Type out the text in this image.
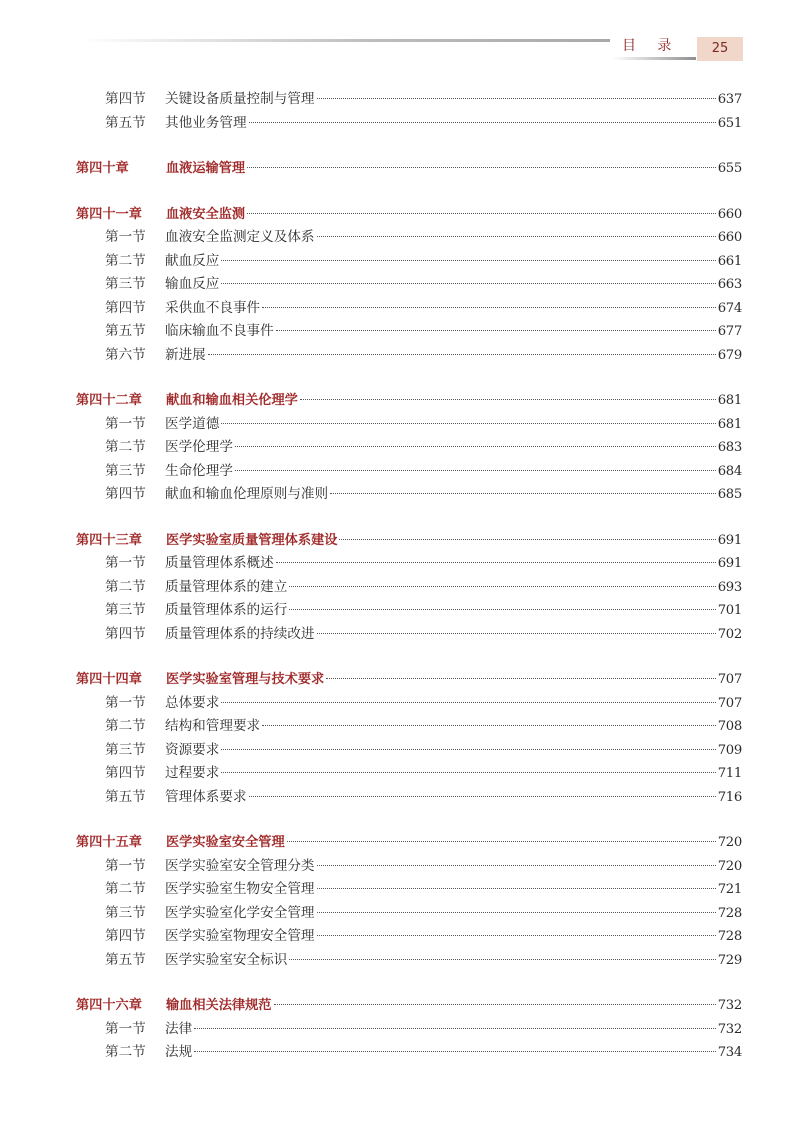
目   录	25
第四节	关键设备质量控制与管理	637
第五节	其他业务管理	651
第四十章	血液运输管理	655
第四十一章	血液安全监测	660
第一节	血液安全监测定义及体系	660
第二节	献血反应	661
第三节	输血反应	663
第四节	采供血不良事件	674
第五节	临床输血不良事件	677
第六节	新进展	679
第四十二章	献血和输血相关伦理学	681
第一节	医学道德	681
第二节	医学伦理学	683
第三节	生命伦理学	684
第四节	献血和输血伦理原则与准则	685
第四十三章	医学实验室质量管理体系建设	691
第一节	质量管理体系概述	691
第二节	质量管理体系的建立	693
第三节	质量管理体系的运行	701
第四节	质量管理体系的持续改进	702
第四十四章	医学实验室管理与技术要求	707
第一节	总体要求	707
第二节	结构和管理要求	708
第三节	资源要求	709
第四节	过程要求	711
第五节	管理体系要求	716
第四十五章	医学实验室安全管理	720
第一节	医学实验室安全管理分类	720
第二节	医学实验室生物安全管理	721
第三节	医学实验室化学安全管理	728
第四节	医学实验室物理安全管理	728
第五节	医学实验室安全标识	729
第四十六章	输血相关法律规范	732
第一节	法律	732
第二节	法规	734
